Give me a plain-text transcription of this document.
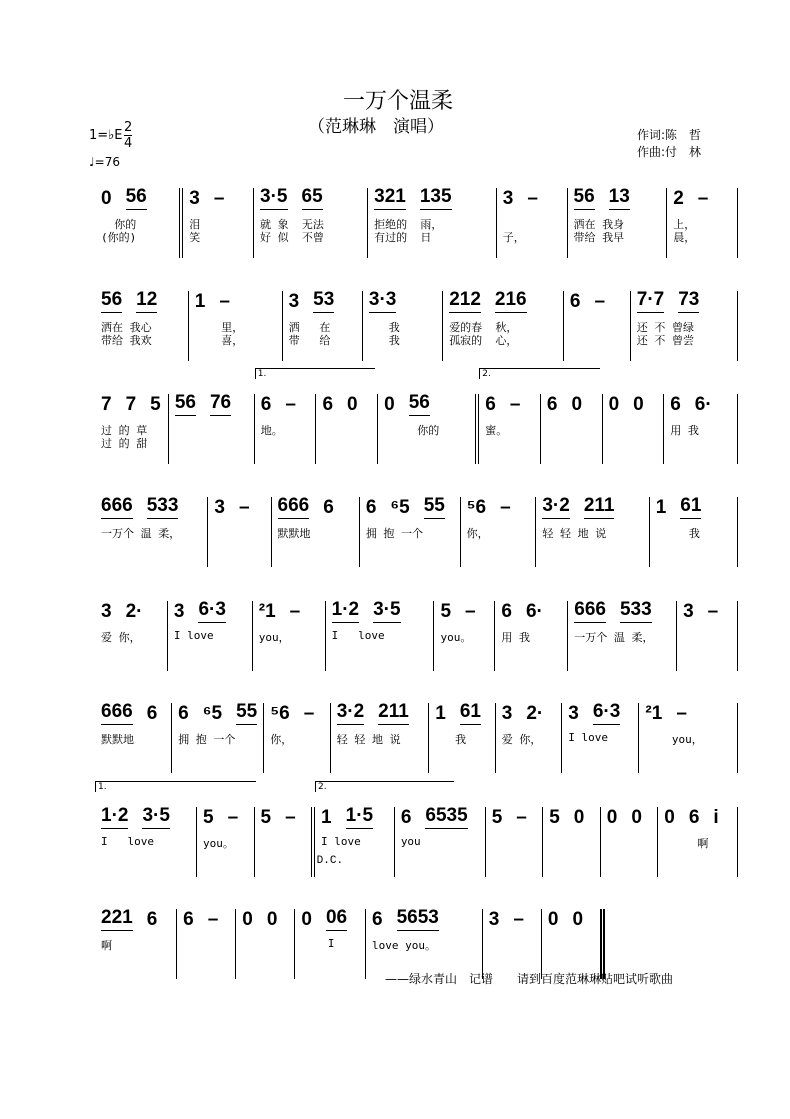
一万个温柔
（范琳琳　演唱）
1=♭E $\frac{2}{4}$
♩=76
作词:陈　哲
作曲:付　林
0 56
你的
(你的)
3 –
泪
笑
3·5 65
就 象  无法
好 似  不曾
321 135
拒绝的  雨，
有过的  日
3 –
子，
56 13
洒在 我身
带给 我早
2 –
上，
晨，
56 12
洒在 我心
带给 我欢
1 –
里，
喜，
3 53
洒   在
带   给
3·3
我
我
212 216
爱的春  秋，
孤寂的  心，
6 – 7·7 73
还 不 曾绿
还 不 曾尝
7 7 5
过 的 草
过 的 甜
56 76
1.
6 –
地。
6 0 0 56
你的
2.
6 –
蜜。
6 0 0 0 6 6·
用 我
666 533
一万个 温 柔，
3 – 666 6
默默地
6 ⁶5 55
拥 抱 一个
⁵6 –
你，
3·2 211
轻 轻 地 说
1 61
我
3 2·
爱 你，
3 6·3
I love
²1 –
you，
1·2 3·5
I   love
5 –
you。
6 6·
用 我
666 533
一万个 温 柔，
3 –
666 6
默默地
6 ⁶5 55
拥 抱 一个
⁵6 –
你，
3·2 211
轻 轻 地 说
1 61
我
3 2·
爱 你，
3 6·3
I love
²1 –
you，
1.
1·2 3·5
I   love
5 –
you。
5 –
D.C.
2.
1 1·5
I love
6 6535
you
5 – 5 0 0 0 0 6 i
啊
221 6
啊
6 – 0 0 0 06
I
6 5653
love you。
3 – 0 0
——绿水青山　记谱　　请到百度范琳琳贴吧试听歌曲
